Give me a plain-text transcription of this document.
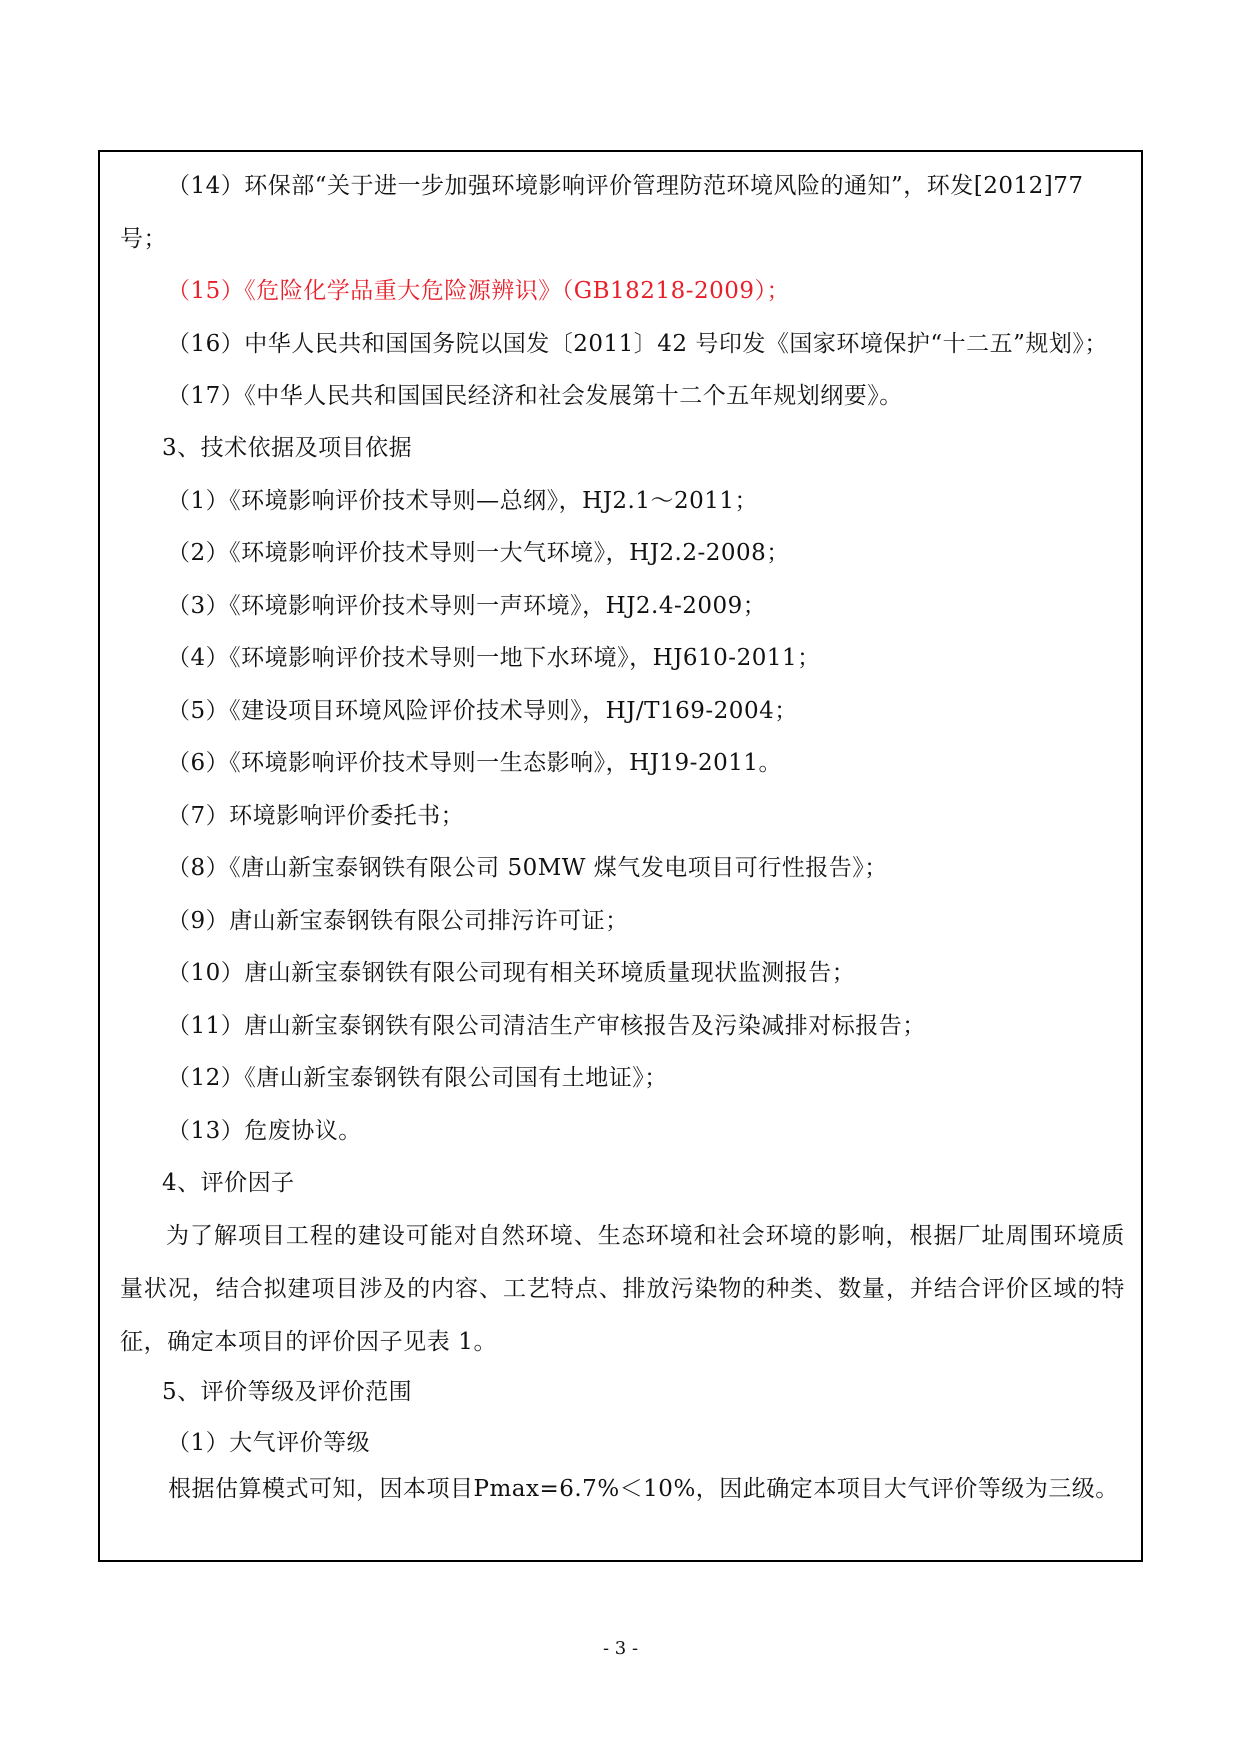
（14）环保部“关于进一步加强环境影响评价管理防范环境风险的通知”，环发[2012]77
号；
（15）《危险化学品重大危险源辨识》（GB18218-2009）；
（16）中华人民共和国国务院以国发〔2011〕42 号印发《国家环境保护“十二五”规划》；
（17）《中华人民共和国国民经济和社会发展第十二个五年规划纲要》。
3、技术依据及项目依据
（1）《环境影响评价技术导则—总纲》，HJ2.1～2011；
（2）《环境影响评价技术导则一大气环境》，HJ2.2-2008；
（3）《环境影响评价技术导则一声环境》，HJ2.4-2009；
（4）《环境影响评价技术导则一地下水环境》，HJ610-2011；
（5）《建设项目环境风险评价技术导则》，HJ/T169-2004；
（6）《环境影响评价技术导则一生态影响》，HJ19-2011。
（7）环境影响评价委托书；
（8）《唐山新宝泰钢铁有限公司 50MW 煤气发电项目可行性报告》；
（9）唐山新宝泰钢铁有限公司排污许可证；
（10）唐山新宝泰钢铁有限公司现有相关环境质量现状监测报告；
（11）唐山新宝泰钢铁有限公司清洁生产审核报告及污染减排对标报告；
（12）《唐山新宝泰钢铁有限公司国有土地证》；
（13）危废协议。
4、评价因子
为了解项目工程的建设可能对自然环境、生态环境和社会环境的影响，根据厂址周围环境质量状况，结合拟建项目涉及的内容、工艺特点、排放污染物的种类、数量，并结合评价区域的特征，确定本项目的评价因子见表 1。
5、评价等级及评价范围
（1）大气评价等级
根据估算模式可知，因本项目Pmax=6.7%＜10%，因此确定本项目大气评价等级为三级。
- 3 -
